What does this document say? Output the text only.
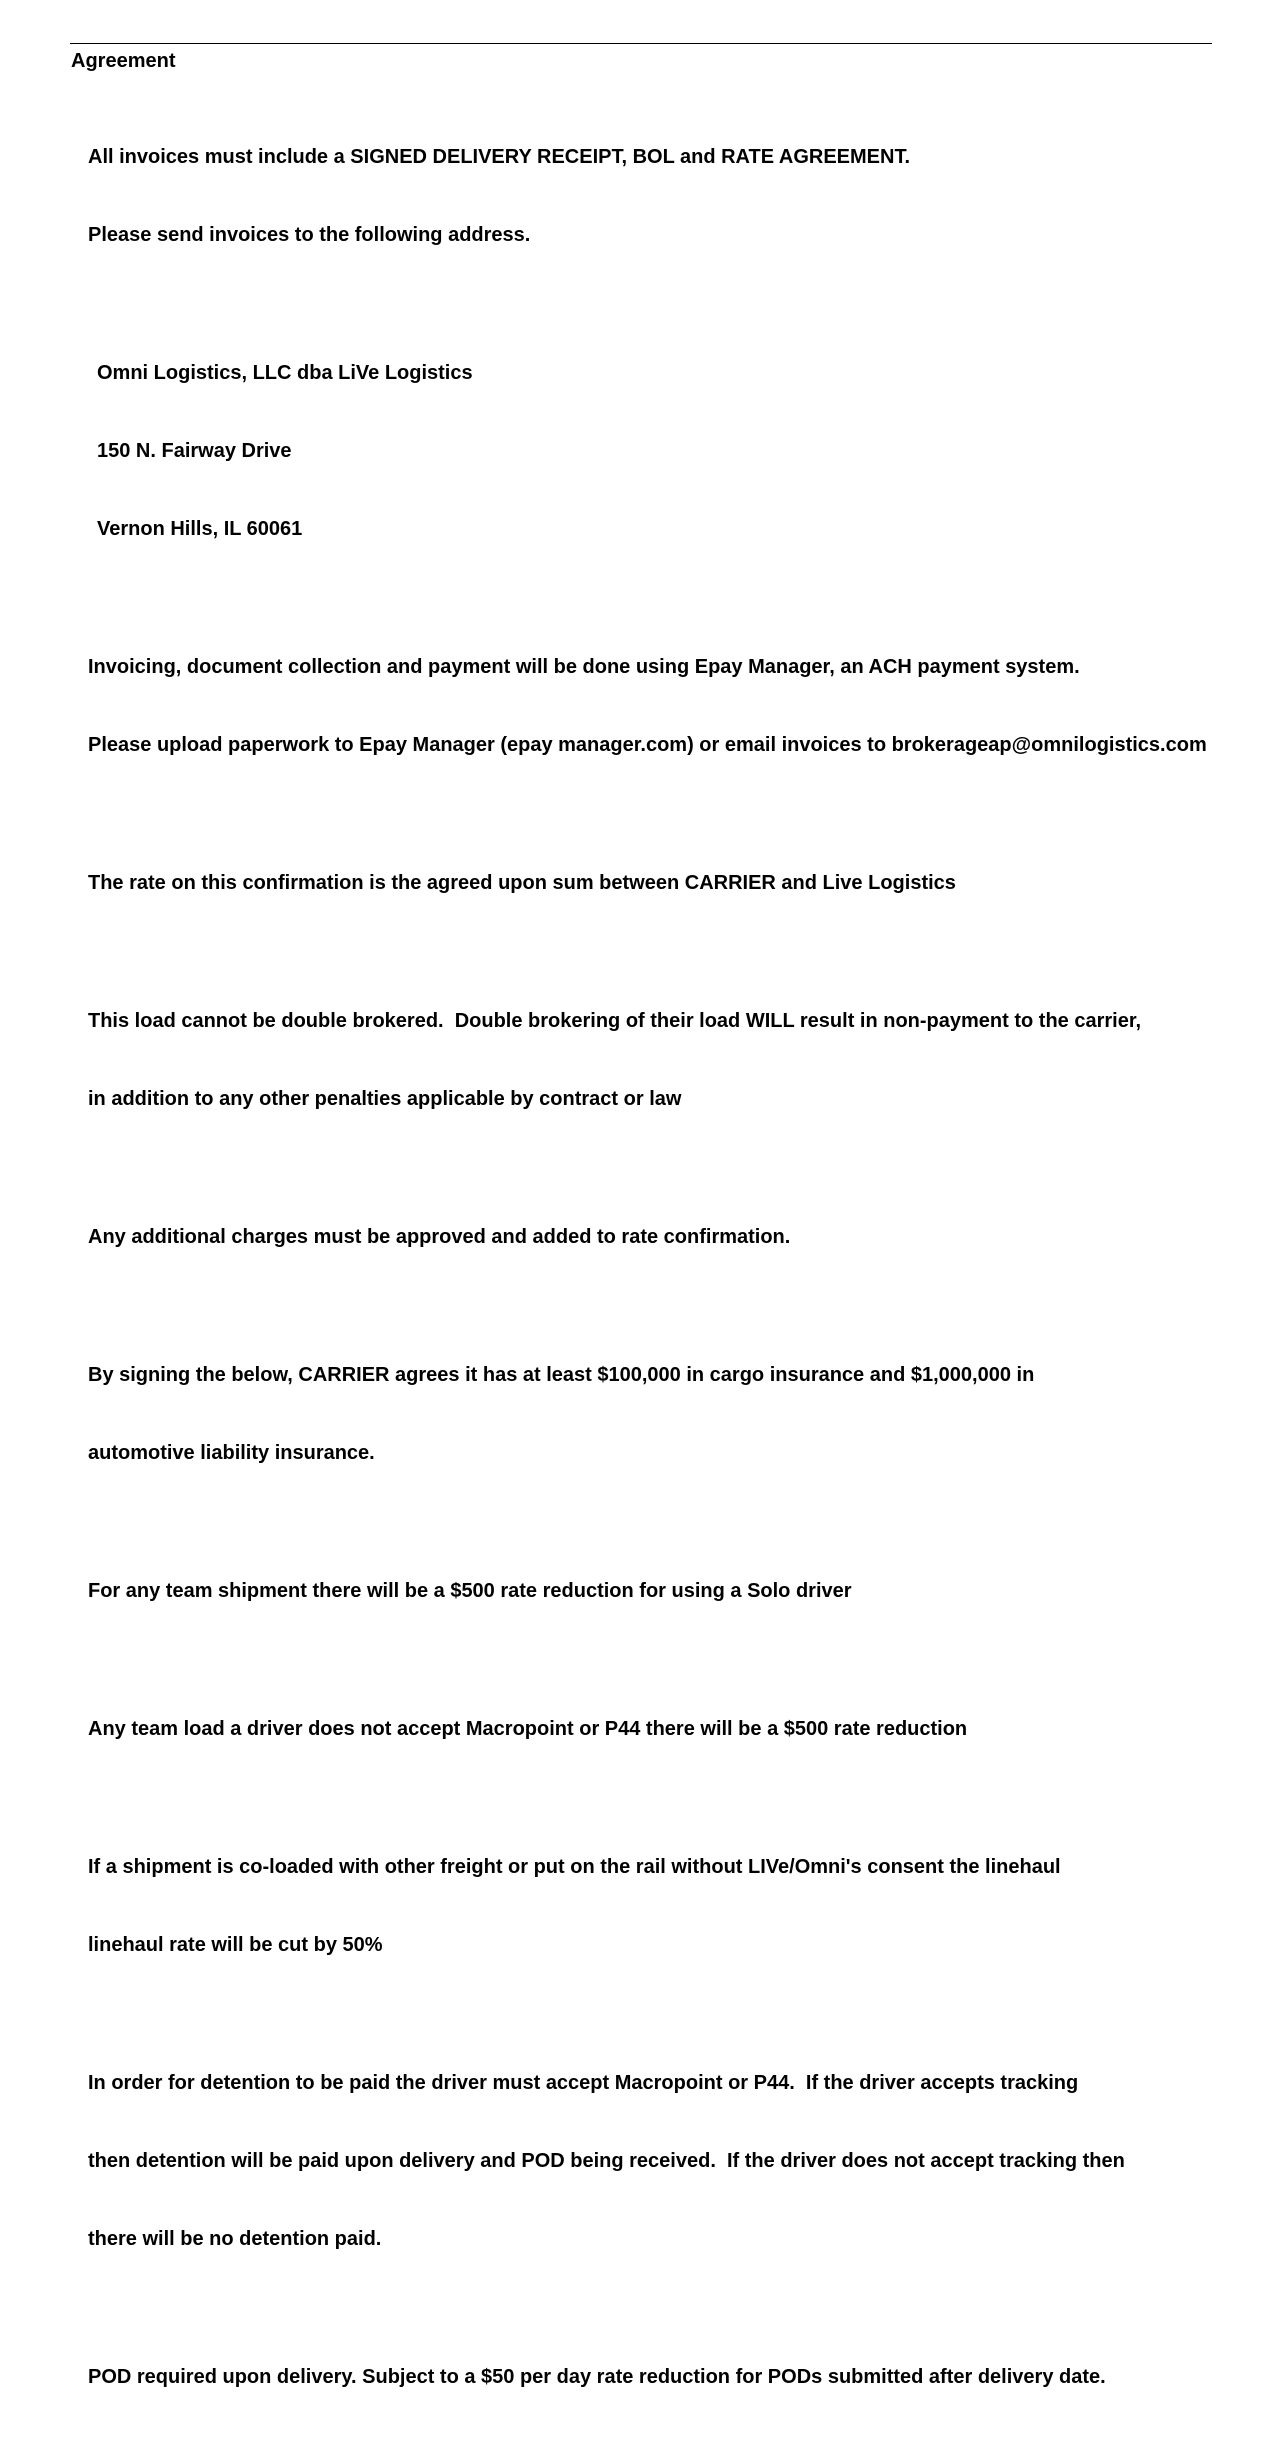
Agreement

All invoices must include a SIGNED DELIVERY RECEIPT, BOL and RATE AGREEMENT.

Please send invoices to the following address.

Omni Logistics, LLC dba LiVe Logistics

150 N. Fairway Drive

Vernon Hills, IL 60061

Invoicing, document collection and payment will be done using Epay Manager, an ACH payment system.

Please upload paperwork to Epay Manager (epay manager.com) or email invoices to brokerageap@omnilogistics.com

The rate on this confirmation is the agreed upon sum between CARRIER and Live Logistics

This load cannot be double brokered.  Double brokering of their load WILL result in non-payment to the carrier,

in addition to any other penalties applicable by contract or law

Any additional charges must be approved and added to rate confirmation.

By signing the below, CARRIER agrees it has at least $100,000 in cargo insurance and $1,000,000 in

automotive liability insurance.

For any team shipment there will be a $500 rate reduction for using a Solo driver

Any team load a driver does not accept Macropoint or P44 there will be a $500 rate reduction

If a shipment is co-loaded with other freight or put on the rail without LIVe/Omni's consent the linehaul

linehaul rate will be cut by 50%

In order for detention to be paid the driver must accept Macropoint or P44.  If the driver accepts tracking

then detention will be paid upon delivery and POD being received.  If the driver does not accept tracking then

there will be no detention paid.

POD required upon delivery. Subject to a $50 per day rate reduction for PODs submitted after delivery date.
